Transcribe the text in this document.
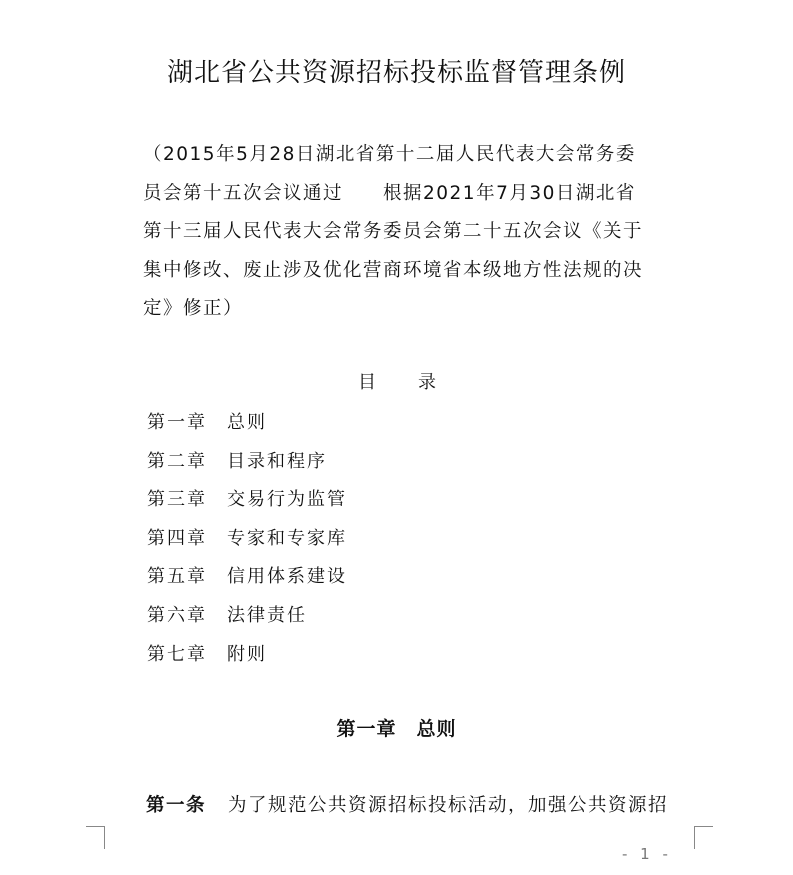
湖北省公共资源招标投标监督管理条例
（2015年5月28日湖北省第十二届人民代表大会常务委
员会第十五次会议通过　　根据2021年7月30日湖北省
第十三届人民代表大会常务委员会第二十五次会议《关于
集中修改、废止涉及优化营商环境省本级地方性法规的决
定》修正）
目 录
第一章 总则
第二章 目录和程序
第三章 交易行为监管
第四章 专家和专家库
第五章 信用体系建设
第六章 法律责任
第七章 附则
第一章 总则
第一条 为了规范公共资源招标投标活动，加强公共资源招
- 1 -
